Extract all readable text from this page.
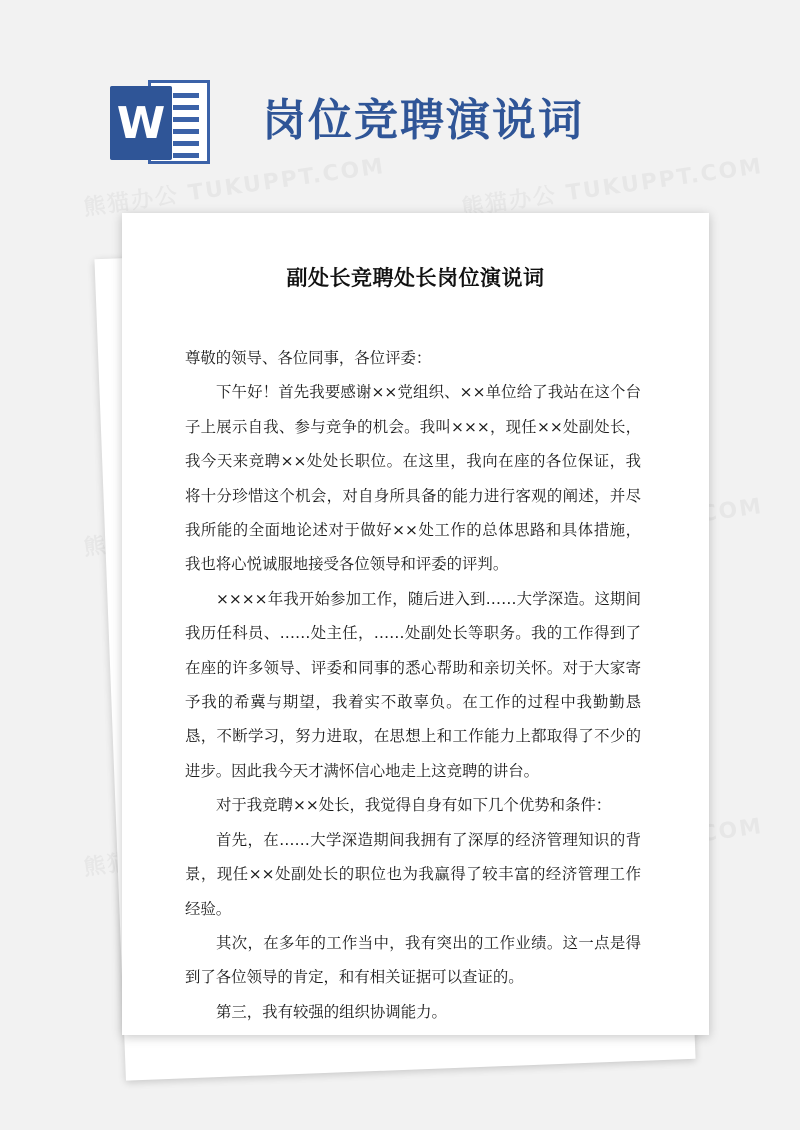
W 岗位竞聘演说词
副处长竞聘处长岗位演说词

尊敬的领导、各位同事，各位评委：

下午好！首先我要感谢××党组织、××单位给了我站在这个台子上展示自我、参与竞争的机会。我叫×××，现任××处副处长，我今天来竞聘××处处长职位。在这里，我向在座的各位保证，我将十分珍惜这个机会，对自身所具备的能力进行客观的阐述，并尽我所能的全面地论述对于做好××处工作的总体思路和具体措施，我也将心悦诚服地接受各位领导和评委的评判。

××××年我开始参加工作，随后进入到……大学深造。这期间我历任科员、……处主任，……处副处长等职务。我的工作得到了在座的许多领导、评委和同事的悉心帮助和亲切关怀。对于大家寄予我的希冀与期望，我着实不敢辜负。在工作的过程中我勤勤恳恳，不断学习，努力进取，在思想上和工作能力上都取得了不少的进步。因此我今天才满怀信心地走上这竞聘的讲台。

对于我竞聘××处长，我觉得自身有如下几个优势和条件：

首先，在……大学深造期间我拥有了深厚的经济管理知识的背景，现任××处副处长的职位也为我赢得了较丰富的经济管理工作经验。

其次，在多年的工作当中，我有突出的工作业绩。这一点是得到了各位领导的肯定，和有相关证据可以查证的。

第三，我有较强的组织协调能力。
